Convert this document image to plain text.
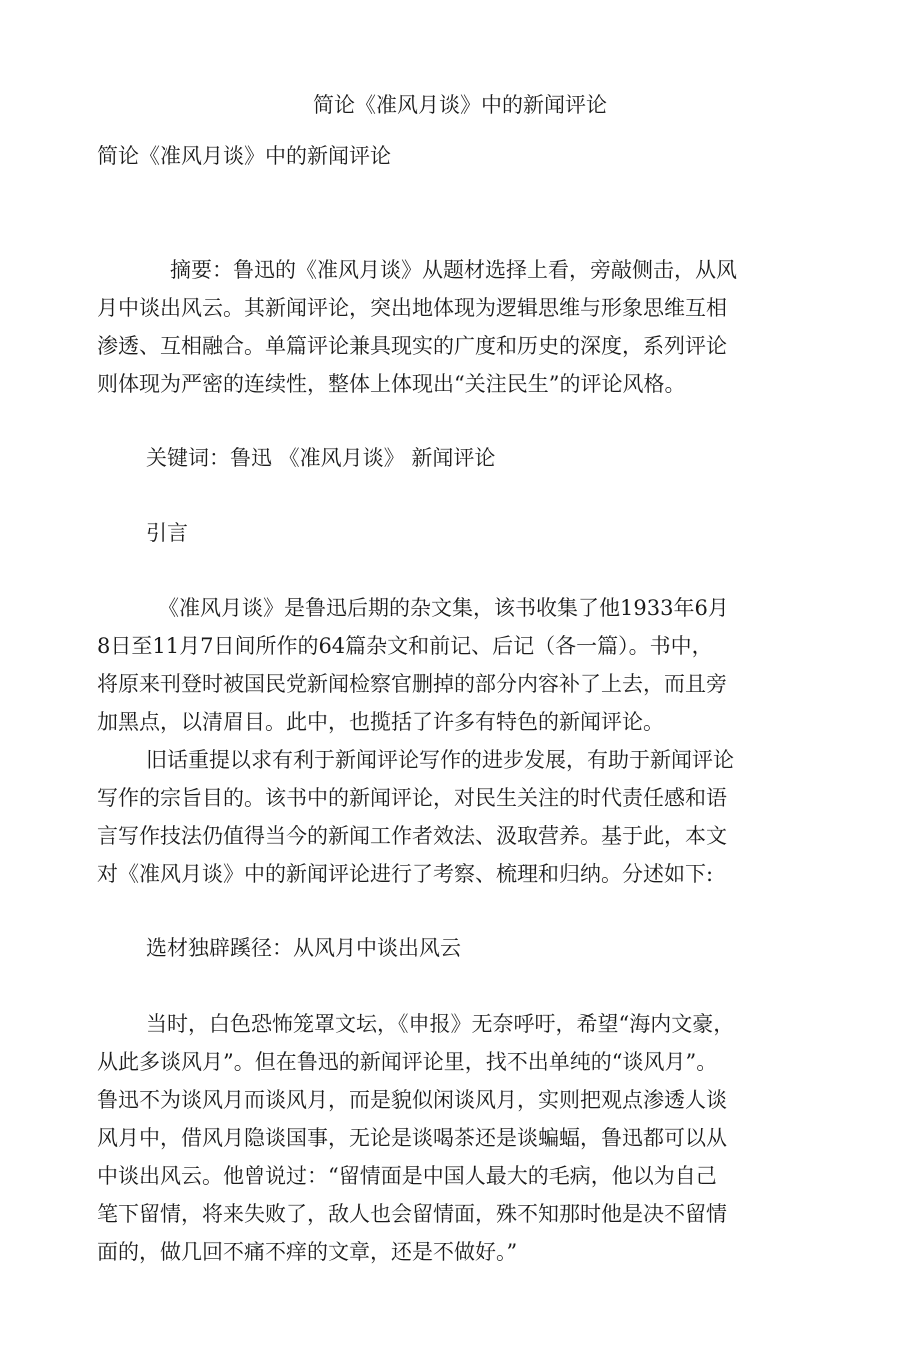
简论《准风月谈》中的新闻评论
简论《准风月谈》中的新闻评论
摘要：鲁迅的《准风月谈》从题材选择上看，旁敲侧击，从风
月中谈出风云。其新闻评论，突出地体现为逻辑思维与形象思维互相
渗透、互相融合。单篇评论兼具现实的广度和历史的深度，系列评论
则体现为严密的连续性，整体上体现出“关注民生”的评论风格。
关键词：鲁迅 《准风月谈》 新闻评论
引言
《准风月谈》是鲁迅后期的杂文集，该书收集了他1933年6月
8日至11月7日间所作的64篇杂文和前记、后记（各一篇）。书中，
将原来刊登时被国民党新闻检察官删掉的部分内容补了上去，而且旁
加黑点，以清眉目。此中，也揽括了许多有特色的新闻评论。
旧话重提以求有利于新闻评论写作的进步发展，有助于新闻评论
写作的宗旨目的。该书中的新闻评论，对民生关注的时代责任感和语
言写作技法仍值得当今的新闻工作者效法、汲取营养。基于此，本文
对《准风月谈》中的新闻评论进行了考察、梳理和归纳。分述如下:
选材独辟蹊径：从风月中谈出风云
当时，白色恐怖笼罩文坛，《申报》无奈呼吁，希望“海内文豪，
从此多谈风月”。但在鲁迅的新闻评论里，找不出单纯的“谈风月”。
鲁迅不为谈风月而谈风月，而是貌似闲谈风月，实则把观点渗透人谈
风月中，借风月隐谈国事，无论是谈喝茶还是谈蝙蝠，鲁迅都可以从
中谈出风云。他曾说过：“留情面是中国人最大的毛病，他以为自己
笔下留情，将来失败了，敌人也会留情面，殊不知那时他是决不留情
面的，做几回不痛不痒的文章，还是不做好。”
